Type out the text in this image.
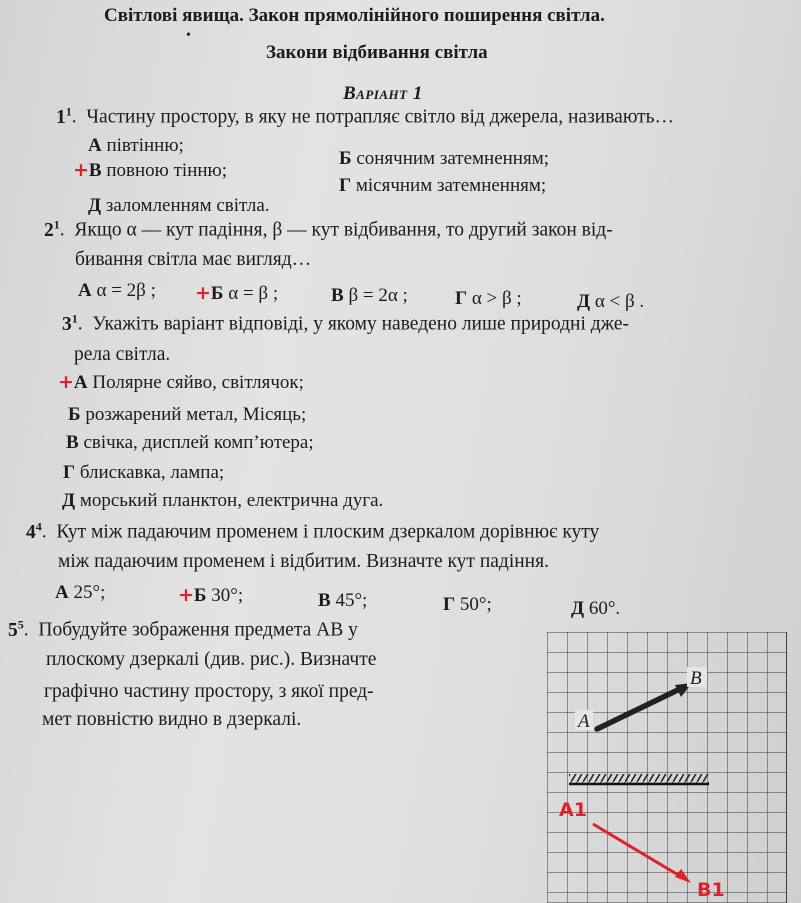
Світлові явища. Закон прямолінійного поширення світла.
•
Закони відбивання світла
Варіант 1
$1^1$.  Частину простору, в яку не потрапляє світло від джерела, називають…
А півтінню;
Б сонячним затемненням;
+В повною тінню;
Г місячним затемненням;
Д заломленням світла.
$2^1$.  Якщо α — кут падіння, β — кут відбивання, то другий закон від-
бивання світла має вигляд…
А α = 2β ; +Б α = β ;	В β = 2α ; Г α > β ;	Д α < β .
$3^1$.  Укажіть варіант відповіді, у якому наведено лише природні дже-
рела світла.
+А Полярне сяйво, світлячок;
Б розжарений метал, Місяць;
В свічка, дисплей комп’ютера;
Г блискавка, лампа;
Д морський планктон, електрична дуга.
$4^4$.  Кут між падаючим променем і плоским дзеркалом дорівнює куту
між падаючим променем і відбитим. Визначте кут падіння.
А 25°;	+Б 30°;	В 45°;	Г 50°;	Д 60°.
$5^5$.  Побудуйте зображення предмета AB у
плоскому дзеркалі (див. рис.). Визначте
графічно частину простору, з якої пред-
мет повністю видно в дзеркалі.	A
B
A1
B1
